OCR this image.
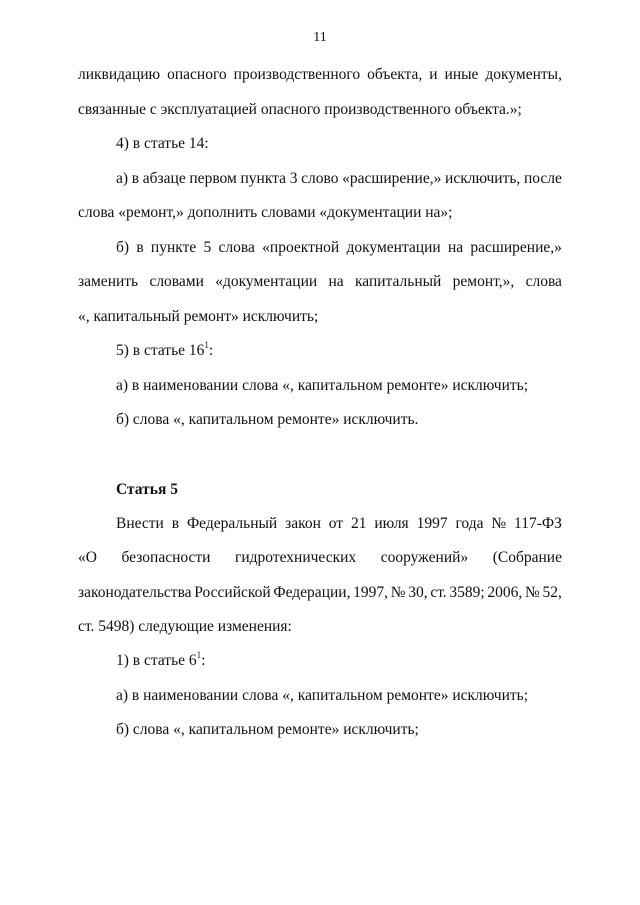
11
ликвидацию опасного производственного объекта, и иные документы,
связанные с эксплуатацией опасного производственного объекта.»;
4) в статье 14:
а) в абзаце первом пункта 3 слово «расширение,» исключить, после
слова «ремонт,» дополнить словами «документации на»;
б) в пункте 5 слова «проектной документации на расширение,»
заменить словами «документации на капитальный ремонт,», слова
«, капитальный ремонт» исключить;
5) в статье $16^1$:
а) в наименовании слова «, капитальном ремонте» исключить;
б) слова «, капитальном ремонте» исключить.
Статья 5
Внести в Федеральный закон от 21 июля 1997 года № 117-ФЗ
«О безопасности гидротехнических сооружений» (Собрание
законодательства Российской Федерации, 1997, № 30, ст. 3589; 2006, № 52,
ст. 5498) следующие изменения:
1) в статье $6^1$:
а) в наименовании слова «, капитальном ремонте» исключить;
б) слова «, капитальном ремонте» исключить;
